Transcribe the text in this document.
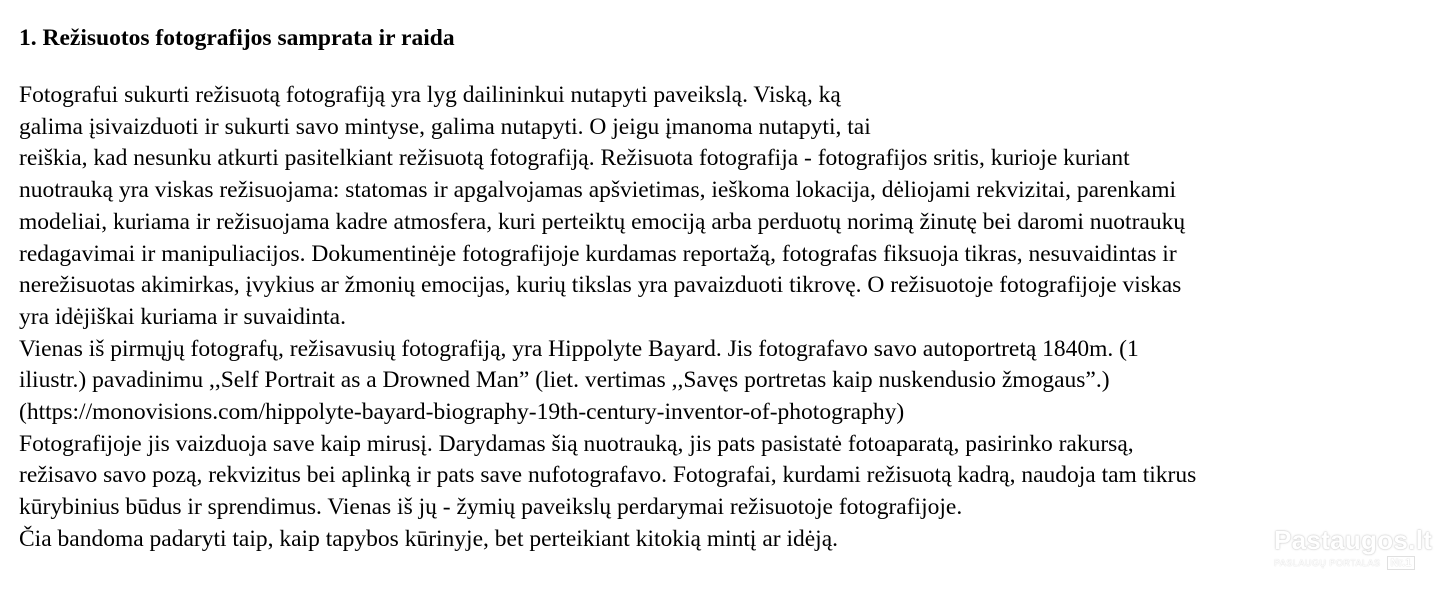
1. Režisuotos fotografijos samprata ir raida
Fotografui sukurti režisuotą fotografiją yra lyg dailininkui nutapyti paveikslą. Viską, ką
galima įsivaizduoti ir sukurti savo mintyse, galima nutapyti. O jeigu įmanoma nutapyti, tai
reiškia, kad nesunku atkurti pasitelkiant režisuotą fotografiją. Režisuota fotografija - fotografijos sritis, kurioje kuriant
nuotrauką yra viskas režisuojama: statomas ir apgalvojamas apšvietimas, ieškoma lokacija, dėliojami rekvizitai, parenkami
modeliai, kuriama ir režisuojama kadre atmosfera, kuri perteiktų emociją arba perduotų norimą žinutę bei daromi nuotraukų
redagavimai ir manipuliacijos. Dokumentinėje fotografijoje kurdamas reportažą, fotografas fiksuoja tikras, nesuvaidintas ir
nerežisuotas akimirkas, įvykius ar žmonių emocijas, kurių tikslas yra pavaizduoti tikrovę. O režisuotoje fotografijoje viskas
yra idėjiškai kuriama ir suvaidinta.
Vienas iš pirmųjų fotografų, režisavusių fotografiją, yra Hippolyte Bayard. Jis fotografavo savo autoportretą 1840m. (1
iliustr.) pavadinimu ,,Self Portrait as a Drowned Man” (liet. vertimas ,,Savęs portretas kaip nuskendusio žmogaus”.)
(https://monovisions.com/hippolyte-bayard-biography-19th-century-inventor-of-photography)
Fotografijoje jis vaizduoja save kaip mirusį. Darydamas šią nuotrauką, jis pats pasistatė fotoaparatą, pasirinko rakursą,
režisavo savo pozą, rekvizitus bei aplinką ir pats save nufotografavo. Fotografai, kurdami režisuotą kadrą, naudoja tam tikrus
kūrybinius būdus ir sprendimus. Vienas iš jų - žymių paveikslų perdarymai režisuotoje fotografijoje.
Čia bandoma padaryti taip, kaip tapybos kūrinyje, bet perteikiant kitokią mintį ar idėją.	Pastaugos.lt
PASLAUGŲ PORTALAS Nr.1
